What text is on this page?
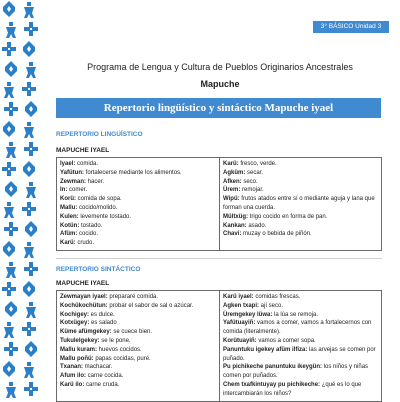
3° BÁSICO Unidad 3
Programa de Lengua y Cultura de Pueblos Originarios Ancestrales
Mapuche
Repertorio lingüístico y sintáctico Mapuche iyael
REPERTORIO LINGÜÍSTICO
MAPUCHE IYAEL
Iyael: comida.
Yafütun: fortalecerse mediante los alimentos.
Zewman: hacer.
In: comer.
Korü: comida de sopa.
Mallu: cocido/molido.
Kulen: levemente tostado.
Kotün: tostado.
Afüm: cocido.
Karü: crudo.
Karü: fresco, verde.
Agküm: secar.
Afken: seco.
Ürem: remojar.
Wipü: frutos atados entre sí o mediante aguja y lana que forman una cuerda.
Mültxüg: trigo cocido en forma de pan.
Kankan: asado.
Chavi: muzay o bebida de piñón.
REPERTORIO SINTÁCTICO
MAPUCHE IYAEL
Zewmayan iyael: prepararé comida.
Kochükochütun: probar el sabor de sal o azúcar.
Kochigey: es dulce.
Kotxügey: es salado
Küme afümgekey: se cuece bien.
Tukulelgekey: se le pone.
Mallu kuram: huevos cocidos.
Mallu poñü: papas cocidas, puré.
Txanan: machacar.
Afum ilo: carne cocida.
Karü ilo: carne cruda.
Karü iyael: comidas frescas.
Agken txapi: ají seco.
Üremgekey lüwa: la lúa se remoja.
Yafütuayiñ: vamos a comer, vamos a fortalecernos con comida (literalmente).
Korütuayiñ: vamos a comer sopa.
Panuntuku igekey afüm ilfiza: las arvejas se comen por puñado.
Pu pichikeche panuntuku ikeygün: los niños y niñas comen por puñados.
Chem txafkintuyay pu pichikeche: ¿qué es lo que intercambiarán los niños?
